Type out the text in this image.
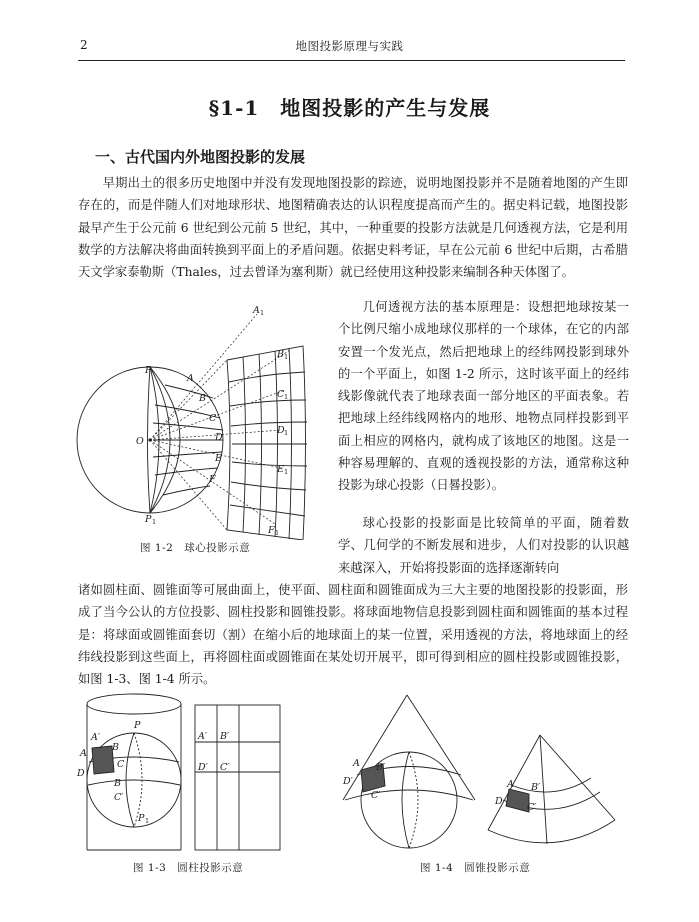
2	地图投影原理与实践
§1-1　地图投影的产生与发展
一、古代国内外地图投影的发展

早期出土的很多历史地图中并没有发现地图投影的踪迹，说明地图投影并不是随着地图的产生即存在的，而是伴随人们对地球形状、地图精确表达的认识程度提高而产生的。据史料记载，地图投影最早产生于公元前 6 世纪到公元前 5 世纪，其中，一种重要的投影方法就是几何透视方法，它是利用数学的方法解决将曲面转换到平面上的矛盾问题。依据史料考证，早在公元前 6 世纪中后期，古希腊天文学家泰勒斯（Thales，过去曾译为塞利斯）就已经使用这种投影来编制各种天体图了。

几何透视方法的基本原理是：设想把地球按某一个比例尺缩小成地球仪那样的一个球体，在它的内部安置一个发光点，然后把地球上的经纬网投影到球外的一个平面上，如图 1-2 所示，这时该平面上的经纬线影像就代表了地球表面一部分地区的平面表象。若把地球上经纬线网格内的地形、地物点同样投影到平面上相应的网格内，就构成了该地区的地图。这是一种容易理解的、直观的透视投影的方法，通常称这种投影为球心投影（日晷投影）。

球心投影的投影面是比较简单的平面，随着数学、几何学的不断发展和进步，人们对投影的认识越来越深入，开始将投影面的选择逐渐转向

诸如圆柱面、圆锥面等可展曲面上，使平面、圆柱面和圆锥面成为三大主要的地图投影的投影面，形成了当今公认的方位投影、圆柱投影和圆锥投影。将球面地物信息投影到圆柱面和圆锥面的基本过程是：将球面或圆锥面套切（割）在缩小后的地球面上的某一位置，采用透视的方法，将地球面上的经纬线投影到这些面上，再将圆柱面或圆锥面在某处切开展平，即可得到相应的圆柱投影或圆锥投影，如图 1-3、图 1-4 所示。

P
P 1
O
A
B
C
D
E
F
A 1
B 1
C 1
D 1
E 1
F 1
图 1-2　球心投影示意
P
P 1
A′
A
B
C
D
B
C′
A′ B′
D′ C′
图 1-3　圆柱投影示意
A B′
D′
C′
A′ B′
D
C′
图 1-4　圆锥投影示意
